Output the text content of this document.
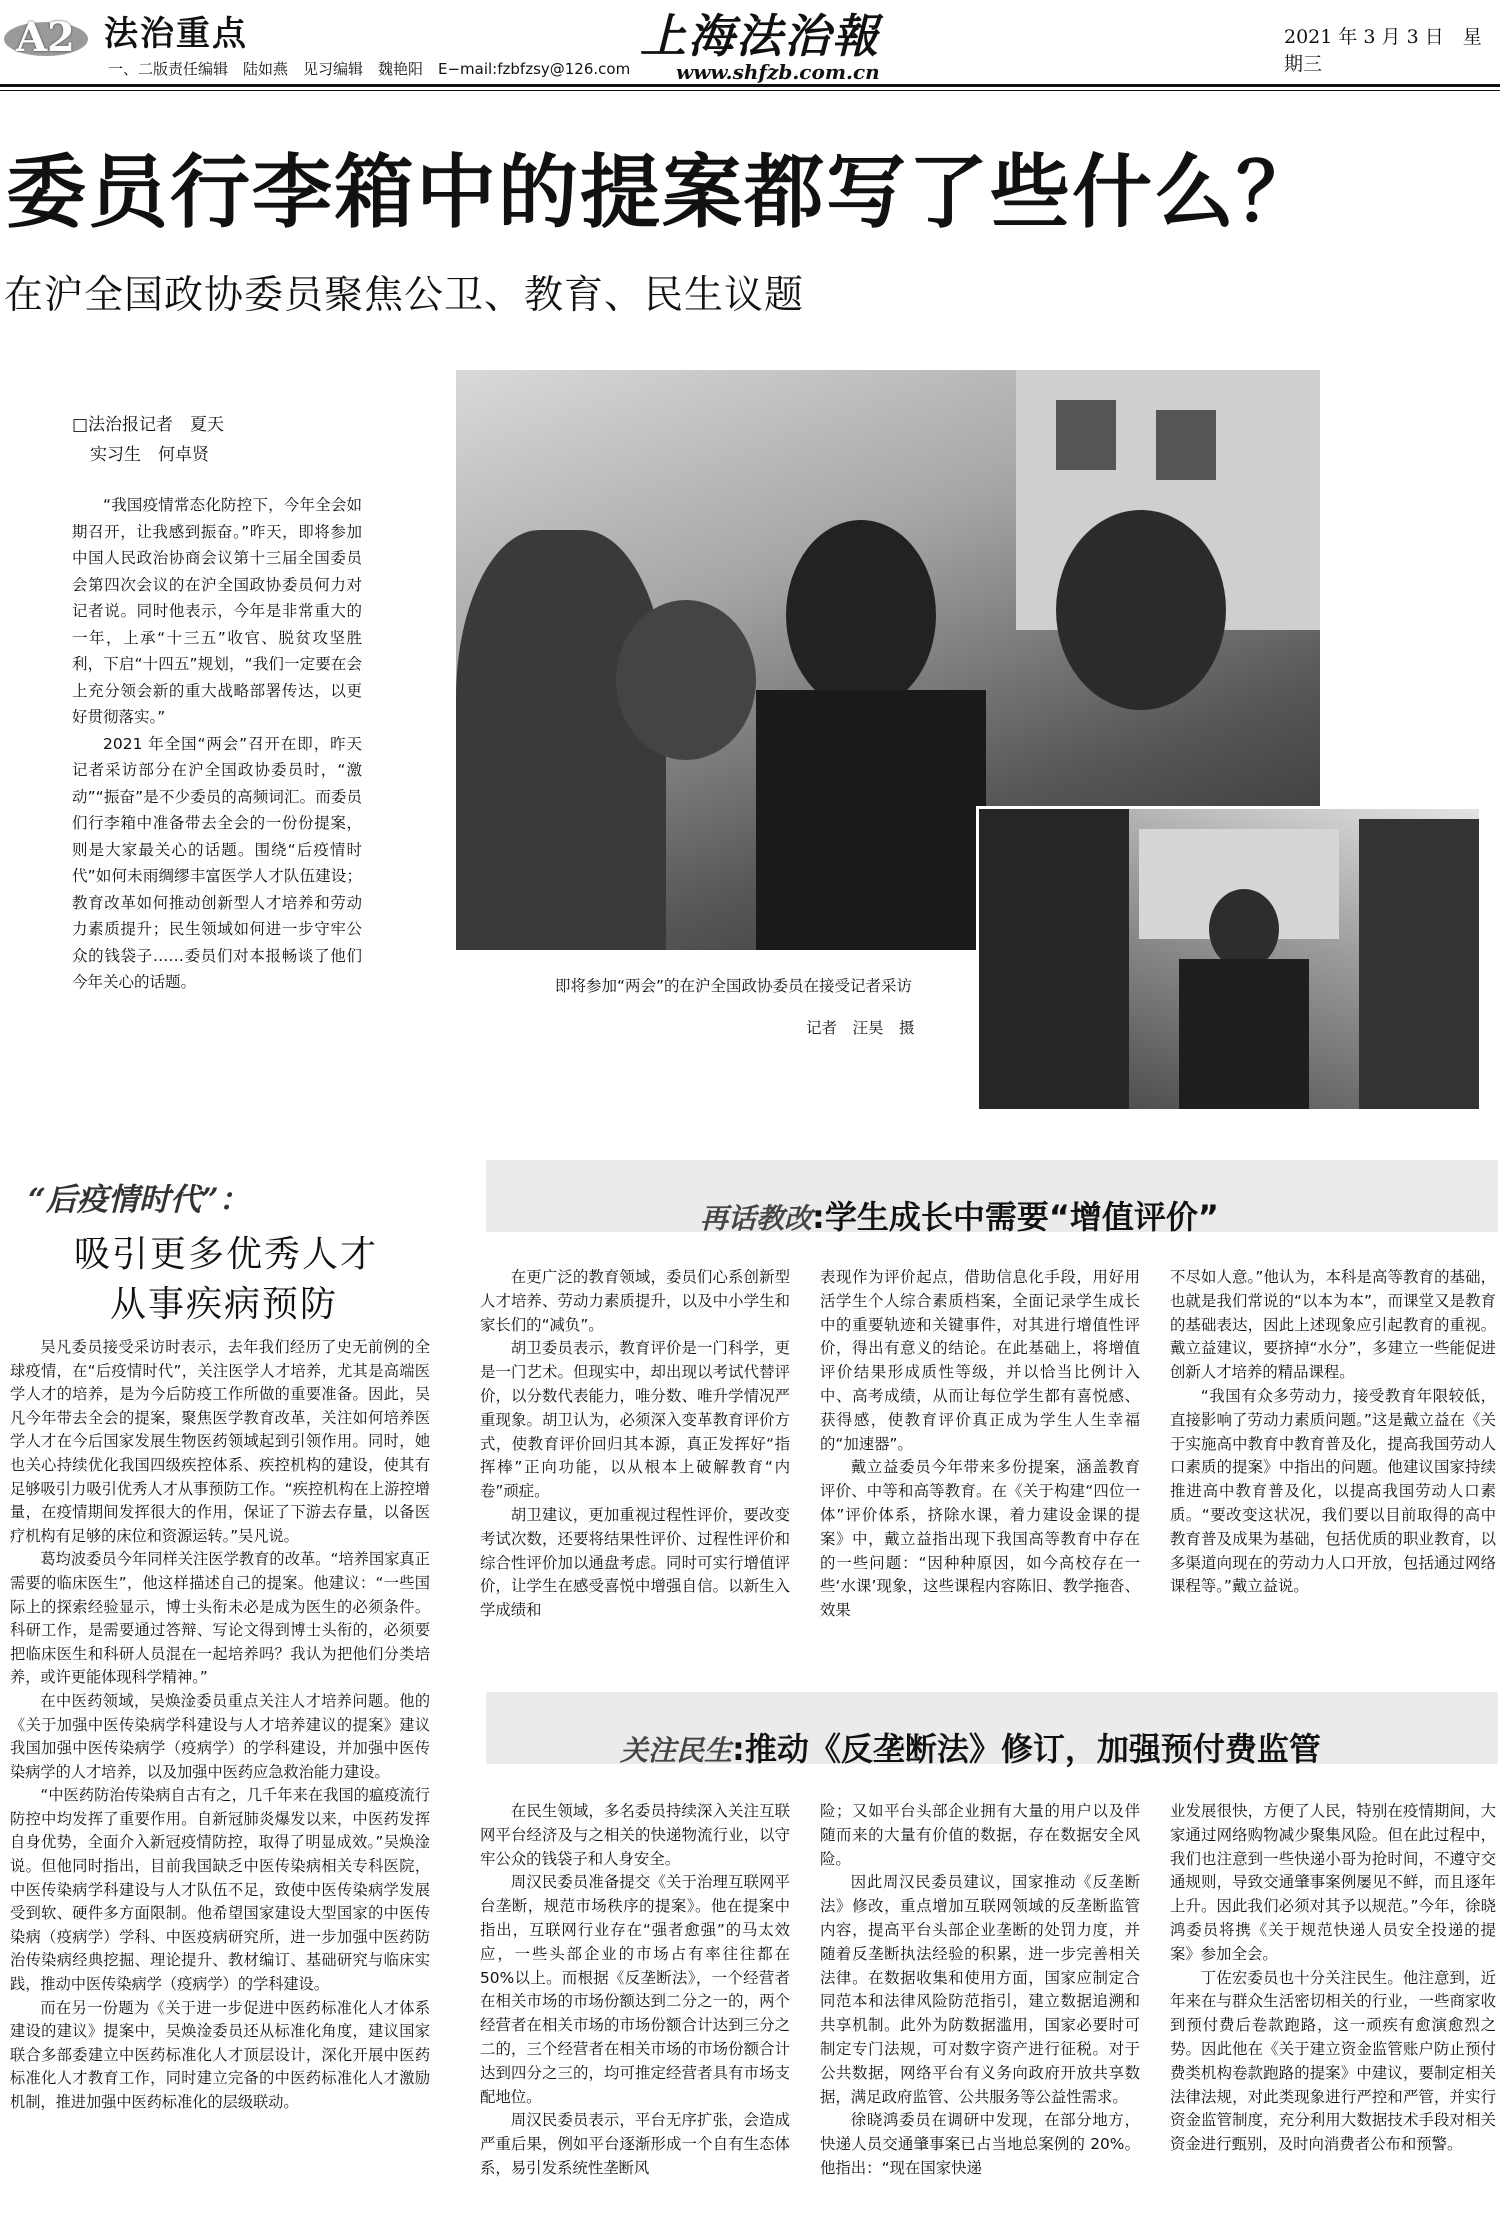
A2 法治重点
一、二版责任编辑　陆如燕　见习编辑　魏艳阳　E−mail:fzbfzsy@126.com
上海法治報
www.shfzb.com.cn
2021 年 3 月 3 日　星期三
委员行李箱中的提案都写了些什么？
在沪全国政协委员聚焦公卫、教育、民生议题
□法治报记者　夏天
实习生　何卓贤

“我国疫情常态化防控下，今年全会如期召开，让我感到振奋。”昨天，即将参加中国人民政治协商会议第十三届全国委员会第四次会议的在沪全国政协委员何力对记者说。同时他表示，今年是非常重大的一年，上承“十三五”收官、脱贫攻坚胜利，下启“十四五”规划，“我们一定要在会上充分领会新的重大战略部署传达，以更好贯彻落实。”

2021 年全国“两会”召开在即，昨天记者采访部分在沪全国政协委员时，“激动”“振奋”是不少委员的高频词汇。而委员们行李箱中准备带去全会的一份份提案，则是大家最关心的话题。围绕“后疫情时代”如何未雨绸缪丰富医学人才队伍建设；教育改革如何推动创新型人才培养和劳动力素质提升；民生领域如何进一步守牢公众的钱袋子……委员们对本报畅谈了他们今年关心的话题。	即将参加“两会”的在沪全国政协委员在接受记者采访
记者　汪昊　摄
“后疫情时代”：
吸引更多优秀人才
从事疾病预防

吴凡委员接受采访时表示，去年我们经历了史无前例的全球疫情，在“后疫情时代”，关注医学人才培养，尤其是高端医学人才的培养，是为今后防疫工作所做的重要准备。因此，吴凡今年带去全会的提案，聚焦医学教育改革，关注如何培养医学人才在今后国家发展生物医药领域起到引领作用。同时，她也关心持续优化我国四级疾控体系、疾控机构的建设，使其有足够吸引力吸引优秀人才从事预防工作。“疾控机构在上游控增量，在疫情期间发挥很大的作用，保证了下游去存量，以备医疗机构有足够的床位和资源运转。”吴凡说。

葛均波委员今年同样关注医学教育的改革。“培养国家真正需要的临床医生”，他这样描述自己的提案。他建议：“一些国际上的探索经验显示，博士头衔未必是成为医生的必须条件。科研工作，是需要通过答辩、写论文得到博士头衔的，必须要把临床医生和科研人员混在一起培养吗？我认为把他们分类培养，或许更能体现科学精神。”

在中医药领域，吴焕淦委员重点关注人才培养问题。他的《关于加强中医传染病学科建设与人才培养建议的提案》建议我国加强中医传染病学（疫病学）的学科建设，并加强中医传染病学的人才培养，以及加强中医药应急救治能力建设。

“中医药防治传染病自古有之，几千年来在我国的瘟疫流行防控中均发挥了重要作用。自新冠肺炎爆发以来，中医药发挥自身优势，全面介入新冠疫情防控，取得了明显成效。”吴焕淦说。但他同时指出，目前我国缺乏中医传染病相关专科医院，中医传染病学科建设与人才队伍不足，致使中医传染病学发展受到软、硬件多方面限制。他希望国家建设大型国家的中医传染病（疫病学）学科、中医疫病研究所，进一步加强中医药防治传染病经典挖掘、理论提升、教材编订、基础研究与临床实践，推动中医传染病学（疫病学）的学科建设。

而在另一份题为《关于进一步促进中医药标准化人才体系建设的建议》提案中，吴焕淦委员还从标准化角度，建议国家联合多部委建立中医药标准化人才顶层设计，深化开展中医药标准化人才教育工作，同时建立完备的中医药标准化人才激励机制，推进加强中医药标准化的层级联动。

再话教改:学生成长中需要“增值评价”

在更广泛的教育领域，委员们心系创新型人才培养、劳动力素质提升，以及中小学生和家长们的“减负”。

胡卫委员表示，教育评价是一门科学，更是一门艺术。但现实中，却出现以考试代替评价，以分数代表能力，唯分数、唯升学情况严重现象。胡卫认为，必须深入变革教育评价方式，使教育评价回归其本源，真正发挥好“指挥棒”正向功能，以从根本上破解教育“内卷”顽症。

胡卫建议，更加重视过程性评价，要改变考试次数，还要将结果性评价、过程性评价和综合性评价加以通盘考虑。同时可实行增值评价，让学生在感受喜悦中增强自信。以新生入学成绩和

表现作为评价起点，借助信息化手段，用好用活学生个人综合素质档案，全面记录学生成长中的重要轨迹和关键事件，对其进行增值性评价，得出有意义的结论。在此基础上，将增值评价结果形成质性等级，并以恰当比例计入中、高考成绩，从而让每位学生都有喜悦感、获得感，使教育评价真正成为学生人生幸福的“加速器”。

戴立益委员今年带来多份提案，涵盖教育评价、中等和高等教育。在《关于构建“四位一体”评价体系，挤除水课，着力建设金课的提案》中，戴立益指出现下我国高等教育中存在的一些问题：“因种种原因，如今高校存在一些‘水课’现象，这些课程内容陈旧、教学拖沓、效果

不尽如人意。”他认为，本科是高等教育的基础，也就是我们常说的“以本为本”，而课堂又是教育的基础表达，因此上述现象应引起教育的重视。戴立益建议，要挤掉“水分”，多建立一些能促进创新人才培养的精品课程。

“我国有众多劳动力，接受教育年限较低，直接影响了劳动力素质问题。”这是戴立益在《关于实施高中教育中教育普及化，提高我国劳动人口素质的提案》中指出的问题。他建议国家持续推进高中教育普及化，以提高我国劳动人口素质。“要改变这状况，我们要以目前取得的高中教育普及成果为基础，包括优质的职业教育，以多渠道向现在的劳动力人口开放，包括通过网络课程等。”戴立益说。

关注民生:推动《反垄断法》修订，加强预付费监管

在民生领域，多名委员持续深入关注互联网平台经济及与之相关的快递物流行业，以守牢公众的钱袋子和人身安全。

周汉民委员准备提交《关于治理互联网平台垄断，规范市场秩序的提案》。他在提案中指出，互联网行业存在“强者愈强”的马太效应，一些头部企业的市场占有率往往都在 50%以上。而根据《反垄断法》，一个经营者在相关市场的市场份额达到二分之一的，两个经营者在相关市场的市场份额合计达到三分之二的，三个经营者在相关市场的市场份额合计达到四分之三的，均可推定经营者具有市场支配地位。

周汉民委员表示，平台无序扩张，会造成严重后果，例如平台逐渐形成一个自有生态体系，易引发系统性垄断风

险；又如平台头部企业拥有大量的用户以及伴随而来的大量有价值的数据，存在数据安全风险。

因此周汉民委员建议，国家推动《反垄断法》修改，重点增加互联网领域的反垄断监管内容，提高平台头部企业垄断的处罚力度，并随着反垄断执法经验的积累，进一步完善相关法律。在数据收集和使用方面，国家应制定合同范本和法律风险防范指引，建立数据追溯和共享机制。此外为防数据滥用，国家必要时可制定专门法规，可对数字资产进行征税。对于公共数据，网络平台有义务向政府开放共享数据，满足政府监管、公共服务等公益性需求。

徐晓鸿委员在调研中发现，在部分地方，快递人员交通肇事案已占当地总案例的 20%。他指出：“现在国家快递

业发展很快，方便了人民，特别在疫情期间，大家通过网络购物减少聚集风险。但在此过程中，我们也注意到一些快递小哥为抢时间，不遵守交通规则，导致交通肇事案例屡见不鲜，而且逐年上升。因此我们必须对其予以规范。”今年，徐晓鸿委员将携《关于规范快递人员安全投递的提案》参加全会。

丁佐宏委员也十分关注民生。他注意到，近年来在与群众生活密切相关的行业，一些商家收到预付费后卷款跑路，这一顽疾有愈演愈烈之势。因此他在《关于建立资金监管账户防止预付费类机构卷款跑路的提案》中建议，要制定相关法律法规，对此类现象进行严控和严管，并实行资金监管制度，充分利用大数据技术手段对相关资金进行甄别，及时向消费者公布和预警。
